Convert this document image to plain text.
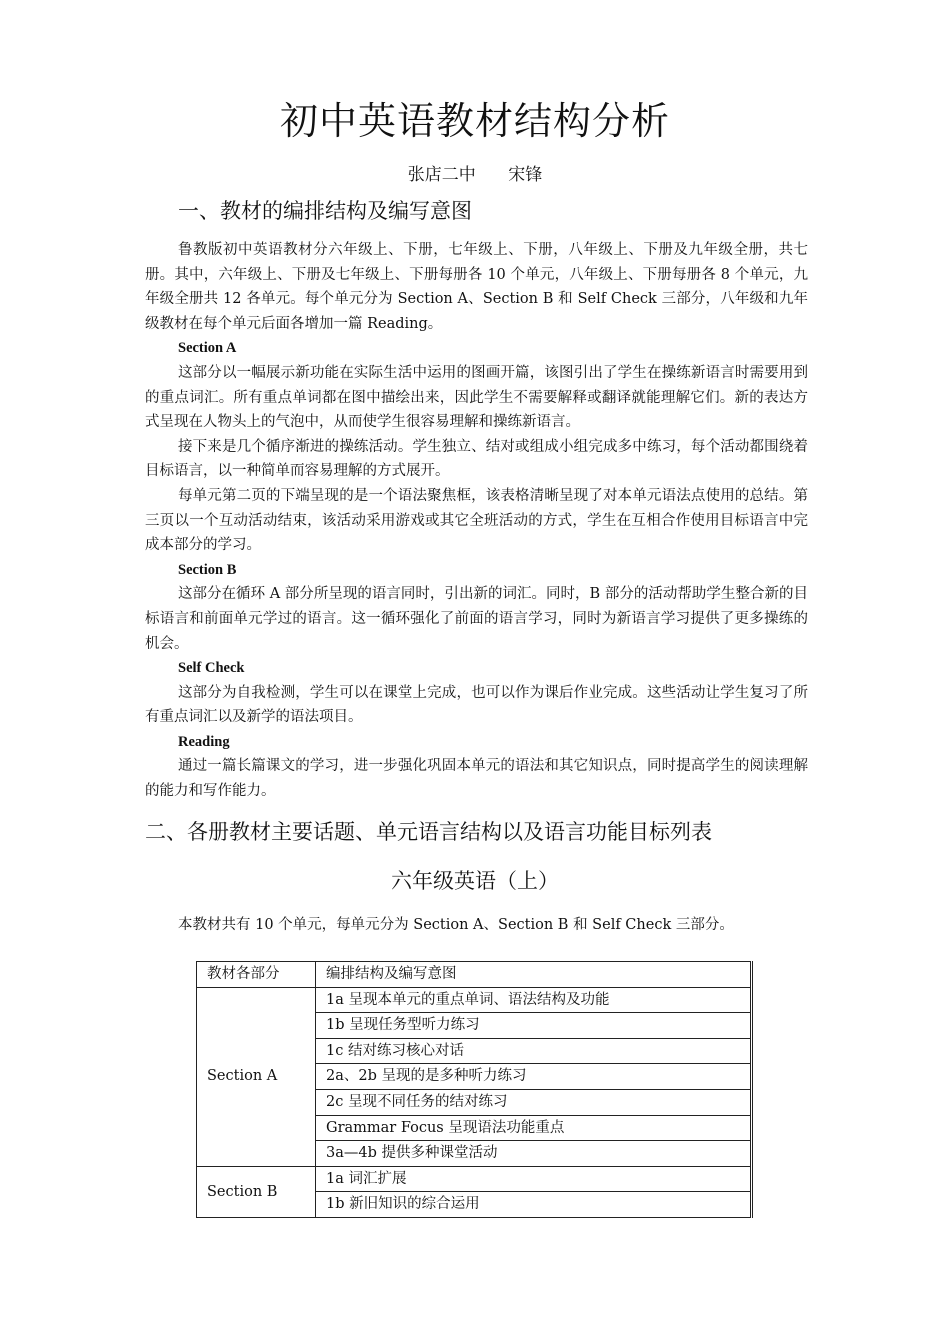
初中英语教材结构分析
张店二中      宋锋
一、教材的编排结构及编写意图

鲁教版初中英语教材分六年级上、下册，七年级上、下册，八年级上、下册及九年级全册，共七册。其中，六年级上、下册及七年级上、下册每册各 10 个单元，八年级上、下册每册各 8 个单元，九年级全册共 12 各单元。每个单元分为 Section A、Section B 和 Self Check 三部分，八年级和九年级教材在每个单元后面各增加一篇 Reading。

Section A

这部分以一幅展示新功能在实际生活中运用的图画开篇，该图引出了学生在操练新语言时需要用到的重点词汇。所有重点单词都在图中描绘出来，因此学生不需要解释或翻译就能理解它们。新的表达方式呈现在人物头上的气泡中，从而使学生很容易理解和操练新语言。

接下来是几个循序渐进的操练活动。学生独立、结对或组成小组完成多中练习，每个活动都围绕着目标语言，以一种简单而容易理解的方式展开。

每单元第二页的下端呈现的是一个语法聚焦框，该表格清晰呈现了对本单元语法点使用的总结。第三页以一个互动活动结束，该活动采用游戏或其它全班活动的方式，学生在互相合作使用目标语言中完成本部分的学习。

Section B

这部分在循环 A 部分所呈现的语言同时，引出新的词汇。同时，B 部分的活动帮助学生整合新的目标语言和前面单元学过的语言。这一循环强化了前面的语言学习，同时为新语言学习提供了更多操练的机会。

Self Check

这部分为自我检测，学生可以在课堂上完成，也可以作为课后作业完成。这些活动让学生复习了所有重点词汇以及新学的语法项目。

Reading

通过一篇长篇课文的学习，进一步强化巩固本单元的语法和其它知识点，同时提高学生的阅读理解的能力和写作能力。

二、各册教材主要话题、单元语言结构以及语言功能目标列表
六年级英语（上）
本教材共有 10 个单元，每单元分为 Section A、Section B 和 Self Check 三部分。
教材各部分	编排结构及编写意图
Section A	1a 呈现本单元的重点单词、语法结构及功能
	1b 呈现任务型听力练习
	1c 结对练习核心对话
	2a、2b 呈现的是多种听力练习
	2c 呈现不同任务的结对练习
	Grammar Focus 呈现语法功能重点
	3a—4b 提供多种课堂活动
Section B	1a 词汇扩展
	1b 新旧知识的综合运用
